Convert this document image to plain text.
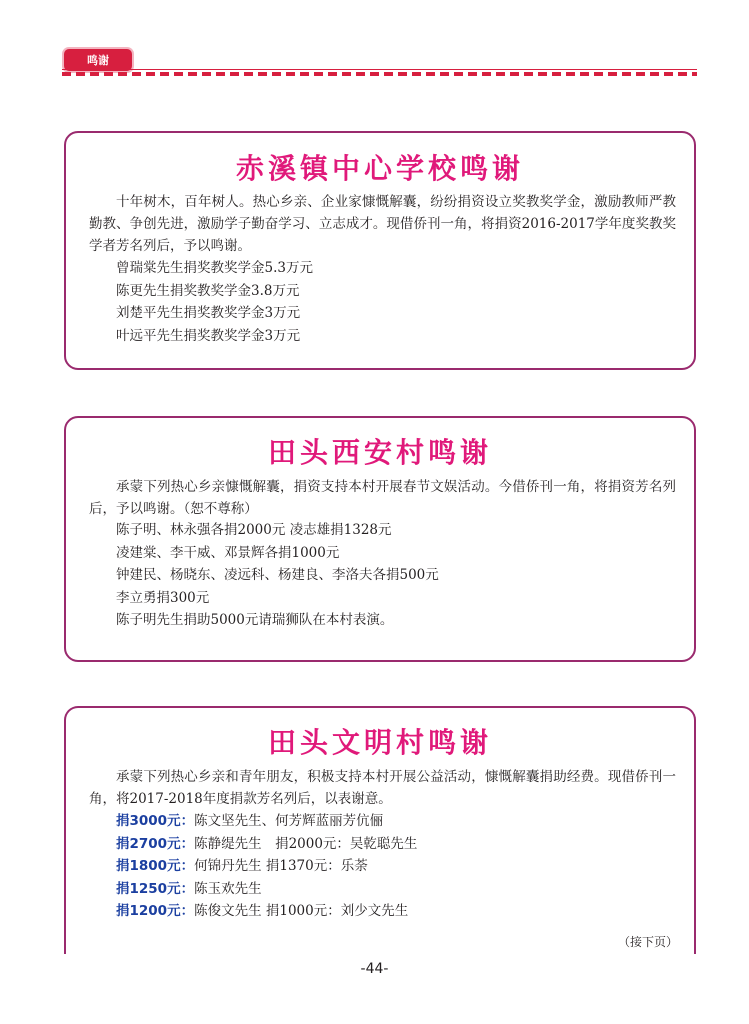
鸣谢
赤溪镇中心学校鸣谢
十年树木，百年树人。热心乡亲、企业家慷慨解囊，纷纷捐资设立奖教奖学金，激励教师严教勤教、争创先进，激励学子勤奋学习、立志成才。现借侨刊一角，将捐资2016-2017学年度奖教奖学者芳名列后，予以鸣谢。
曾瑞棠先生捐奖教奖学金5.3万元
陈更先生捐奖教奖学金3.8万元
刘楚平先生捐奖教奖学金3万元
叶远平先生捐奖教奖学金3万元
田头西安村鸣谢
承蒙下列热心乡亲慷慨解囊，捐资支持本村开展春节文娱活动。今借侨刊一角，将捐资芳名列后，予以鸣谢。（恕不尊称）
陈子明、林永强各捐2000元 凌志雄捐1328元
凌建棠、李干威、邓景辉各捐1000元
钟建民、杨晓东、凌远科、杨建良、李洛夫各捐500元
李立勇捐300元
陈子明先生捐助5000元请瑞狮队在本村表演。
田头文明村鸣谢
承蒙下列热心乡亲和青年朋友，积极支持本村开展公益活动，慷慨解囊捐助经费。现借侨刊一角，将2017-2018年度捐款芳名列后，以表谢意。
捐3000元：陈文坚先生、何芳辉蓝丽芳伉俪
捐2700元：陈静缇先生　捐2000元：吴乾聪先生
捐1800元：何锦丹先生 捐1370元：乐荼
捐1250元：陈玉欢先生
捐1200元：陈俊文先生 捐1000元：刘少文先生
（接下页）
-44-
